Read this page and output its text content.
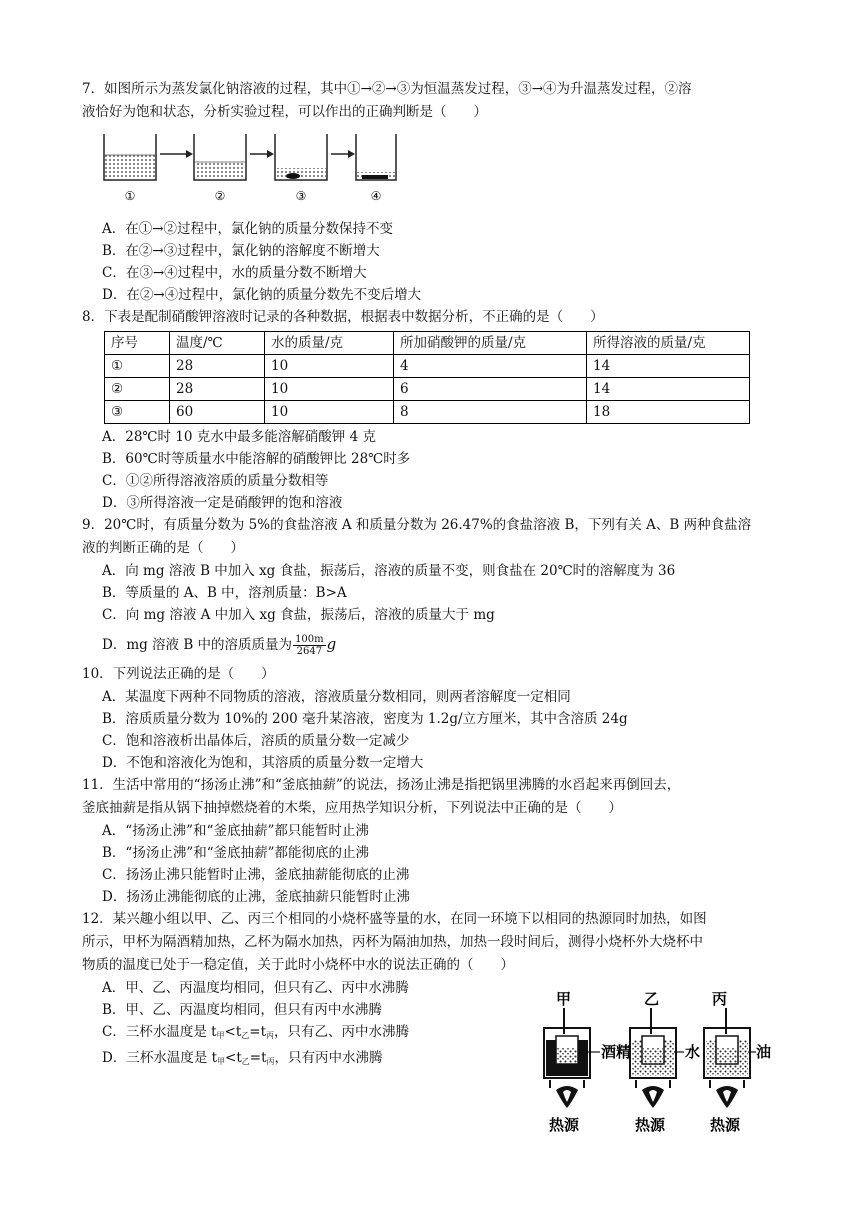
7．如图所示为蒸发氯化钠溶液的过程，其中①→②→③为恒温蒸发过程，③→④为升温蒸发过程，②溶

液恰好为饱和状态，分析实验过程，可以作出的正确判断是（　　）

①	②	③	④

A．在①→②过程中，氯化钠的质量分数保持不变

B．在②→③过程中，氯化钠的溶解度不断增大

C．在③→④过程中，水的质量分数不断增大

D．在②→④过程中，氯化钠的质量分数先不变后增大

8．下表是配制硝酸钾溶液时记录的各种数据，根据表中数据分析，不正确的是（　　）

序号	温度/℃	水的质量/克	所加硝酸钾的质量/克	所得溶液的质量/克
①	28	10	4	14
②	28	10	6	14
③	60	10	8	18

A．28℃时 10 克水中最多能溶解硝酸钾 4 克

B．60℃时等质量水中能溶解的硝酸钾比 28℃时多

C．①②所得溶液溶质的质量分数相等

D．③所得溶液一定是硝酸钾的饱和溶液

9．20℃时，有质量分数为 5%的食盐溶液 A 和质量分数为 26.47%的食盐溶液 B，下列有关 A、B 两种食盐溶

液的判断正确的是（　　）

A．向 mg 溶液 B 中加入 xg 食盐，振荡后，溶液的质量不变，则食盐在 20℃时的溶解度为 36

B．等质量的 A、B 中，溶剂质量：B>A

C．向 mg 溶液 A 中加入 xg 食盐，振荡后，溶液的质量大于 mg

D．mg 溶液 B 中的溶质质量为 $\frac{100m}{2647}$ g

10．下列说法正确的是（　　）

A．某温度下两种不同物质的溶液，溶液质量分数相同，则两者溶解度一定相同

B．溶质质量分数为 10%的 200 毫升某溶液，密度为 1.2g/立方厘米，其中含溶质 24g

C．饱和溶液析出晶体后，溶质的质量分数一定减少

D．不饱和溶液化为饱和，其溶质的质量分数一定增大

11．生活中常用的“扬汤止沸”和“釜底抽薪”的说法，扬汤止沸是指把锅里沸腾的水舀起来再倒回去，

釜底抽薪是指从锅下抽掉燃烧着的木柴，应用热学知识分析，下列说法中正确的是（　　）

A．“扬汤止沸”和“釜底抽薪”都只能暂时止沸

B．“扬汤止沸”和“釜底抽薪”都能彻底的止沸

C．扬汤止沸只能暂时止沸，釜底抽薪能彻底的止沸

D．扬汤止沸能彻底的止沸，釜底抽薪只能暂时止沸

12．某兴趣小组以甲、乙、丙三个相同的小烧杯盛等量的水，在同一环境下以相同的热源同时加热，如图

所示，甲杯为隔酒精加热，乙杯为隔水加热，丙杯为隔油加热，加热一段时间后，测得小烧杯外大烧杯中

物质的温度已处于一稳定值，关于此时小烧杯中水的说法正确的（　　）

A．甲、乙、丙温度均相同，但只有乙、丙中水沸腾

B．甲、乙、丙温度均相同，但只有丙中水沸腾

C．三杯水温度是 $t_甲<t_乙=t_丙$，只有乙、丙中水沸腾

D．三杯水温度是 $t_甲<t_乙=t_丙$，只有丙中水沸腾

甲
酒精
热源
乙
水
热源
丙
油
热源
